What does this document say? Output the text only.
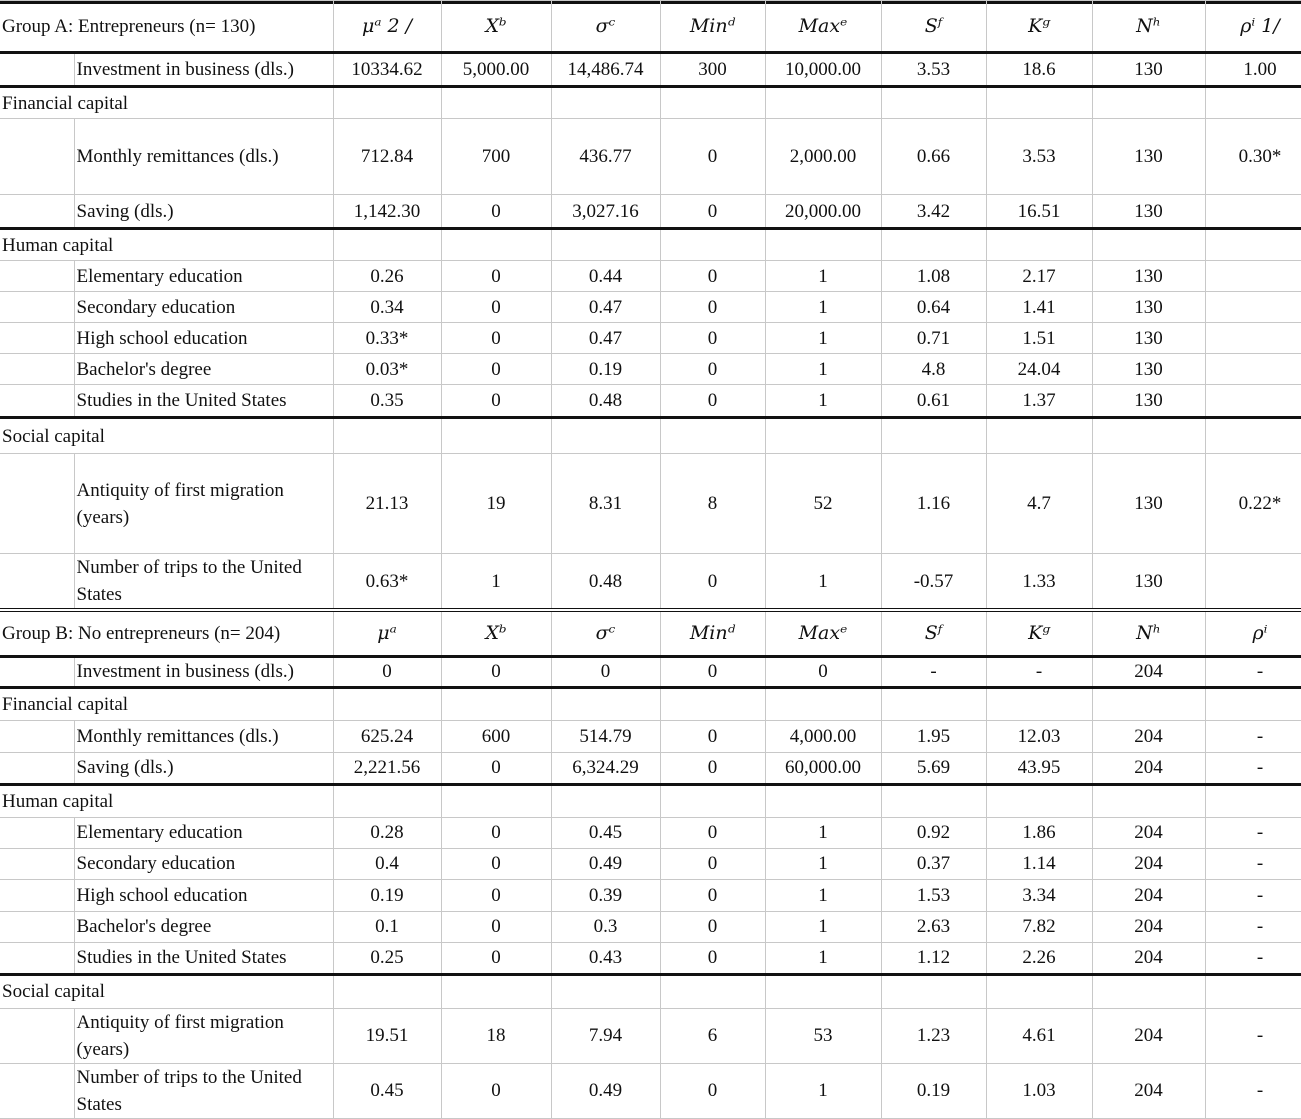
Group A: Entrepreneurs (n= 130)		μᵃ 2 /	Xᵇ	σᶜ	Minᵈ	Maxᵉ	Sᶠ	Kᵍ	Nʰ	ρⁱ 1/
	Investment in business (dls.)	10334.62	5,000.00	14,486.74	300	10,000.00	3.53	18.6	130	1.00
Financial capital										
	Monthly remittances (dls.)	712.84	700	436.77	0	2,000.00	0.66	3.53	130	0.30*
	Saving (dls.)	1,142.30	0	3,027.16	0	20,000.00	3.42	16.51	130	
Human capital										
	Elementary education	0.26	0	0.44	0	1	1.08	2.17	130	
	Secondary education	0.34	0	0.47	0	1	0.64	1.41	130	
	High school education	0.33*	0	0.47	0	1	0.71	1.51	130	
	Bachelor's degree	0.03*	0	0.19	0	1	4.8	24.04	130	
	Studies in the United States	0.35	0	0.48	0	1	0.61	1.37	130	
Social capital										
	Antiquity of first migration (years)	21.13	19	8.31	8	52	1.16	4.7	130	0.22*
	Number of trips to the United States	0.63*	1	0.48	0	1	-0.57	1.33	130	
Group B: No entrepreneurs (n= 204)		μᵃ	Xᵇ	σᶜ	Minᵈ	Maxᵉ	Sᶠ	Kᵍ	Nʰ	ρⁱ
	Investment in business (dls.)	0	0	0	0	0	-	-	204	-
Financial capital										
	Monthly remittances (dls.)	625.24	600	514.79	0	4,000.00	1.95	12.03	204	-
	Saving (dls.)	2,221.56	0	6,324.29	0	60,000.00	5.69	43.95	204	-
Human capital										
	Elementary education	0.28	0	0.45	0	1	0.92	1.86	204	-
	Secondary education	0.4	0	0.49	0	1	0.37	1.14	204	-
	High school education	0.19	0	0.39	0	1	1.53	3.34	204	-
	Bachelor's degree	0.1	0	0.3	0	1	2.63	7.82	204	-
	Studies in the United States	0.25	0	0.43	0	1	1.12	2.26	204	-
Social capital										
	Antiquity of first migration (years)	19.51	18	7.94	6	53	1.23	4.61	204	-
	Number of trips to the United States	0.45	0	0.49	0	1	0.19	1.03	204	-
